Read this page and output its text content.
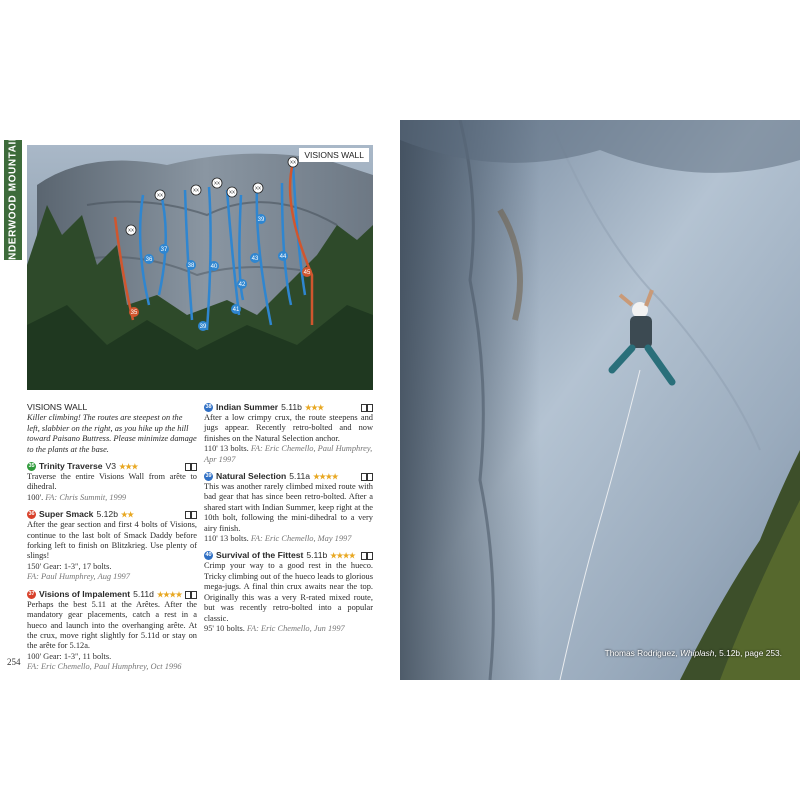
UNDERWOOD MOUNTAIN	XX
XX
XX
XX
XX
XX
XX
35
36
37
38
39
40
41
42
43	44
45
39
VISIONS WALL
VISIONS WALL
Killer climbing! The routes are steepest on the left, slabbier on the right, as you hike up the hill toward Paisano Buttress. Please minimize damage to the plants at the base.
35 Trinity Traverse V3 ★★★
Traverse the entire Visions Wall from arête to dihedral.
100'. FA: Chris Summit, 1999
36 Super Smack 5.12b ★★
After the gear section and first 4 bolts of Visions, continue to the last bolt of Smack Daddy before forking left to finish on Blitzkrieg. Use plenty of slings!
150' Gear: 1-3", 17 bolts.
FA: Paul Humphrey, Aug 1997
37 Visions of Impalement 5.11d ★★★★
Perhaps the best 5.11 at the Arêtes. After the mandatory gear placements, catch a rest in a hueco and launch into the overhanging arête. At the crux, move right slightly for 5.11d or stay on the arête for 5.12a.
100' Gear: 1-3", 11 bolts.
FA: Eric Chemello, Paul Humphrey, Oct 1996
38 Indian Summer 5.11b ★★★
After a low crimpy crux, the route steepens and jugs appear. Recently retro-bolted and now finishes on the Natural Selection anchor.
110' 13 bolts. FA: Eric Chemello, Paul Humphrey, Apr 1997
39 Natural Selection 5.11a ★★★★
This was another rarely climbed mixed route with bad gear that has since been retro-bolted. After a shared start with Indian Summer, keep right at the 10th bolt, following the mini-dihedral to a very airy finish.
110' 13 bolts. FA: Eric Chemello, May 1997
40 Survival of the Fittest 5.11b ★★★★
Crimp your way to a good rest in the hueco. Tricky climbing out of the hueco leads to glorious mega-jugs. A final thin crux awaits near the top. Originally this was a very R-rated mixed route, but was recently retro-bolted into a popular classic.
95' 10 bolts. FA: Eric Chemello, Jun 1997
254
Thomas Rodriguez, Whiplash, 5.12b, page 253.
